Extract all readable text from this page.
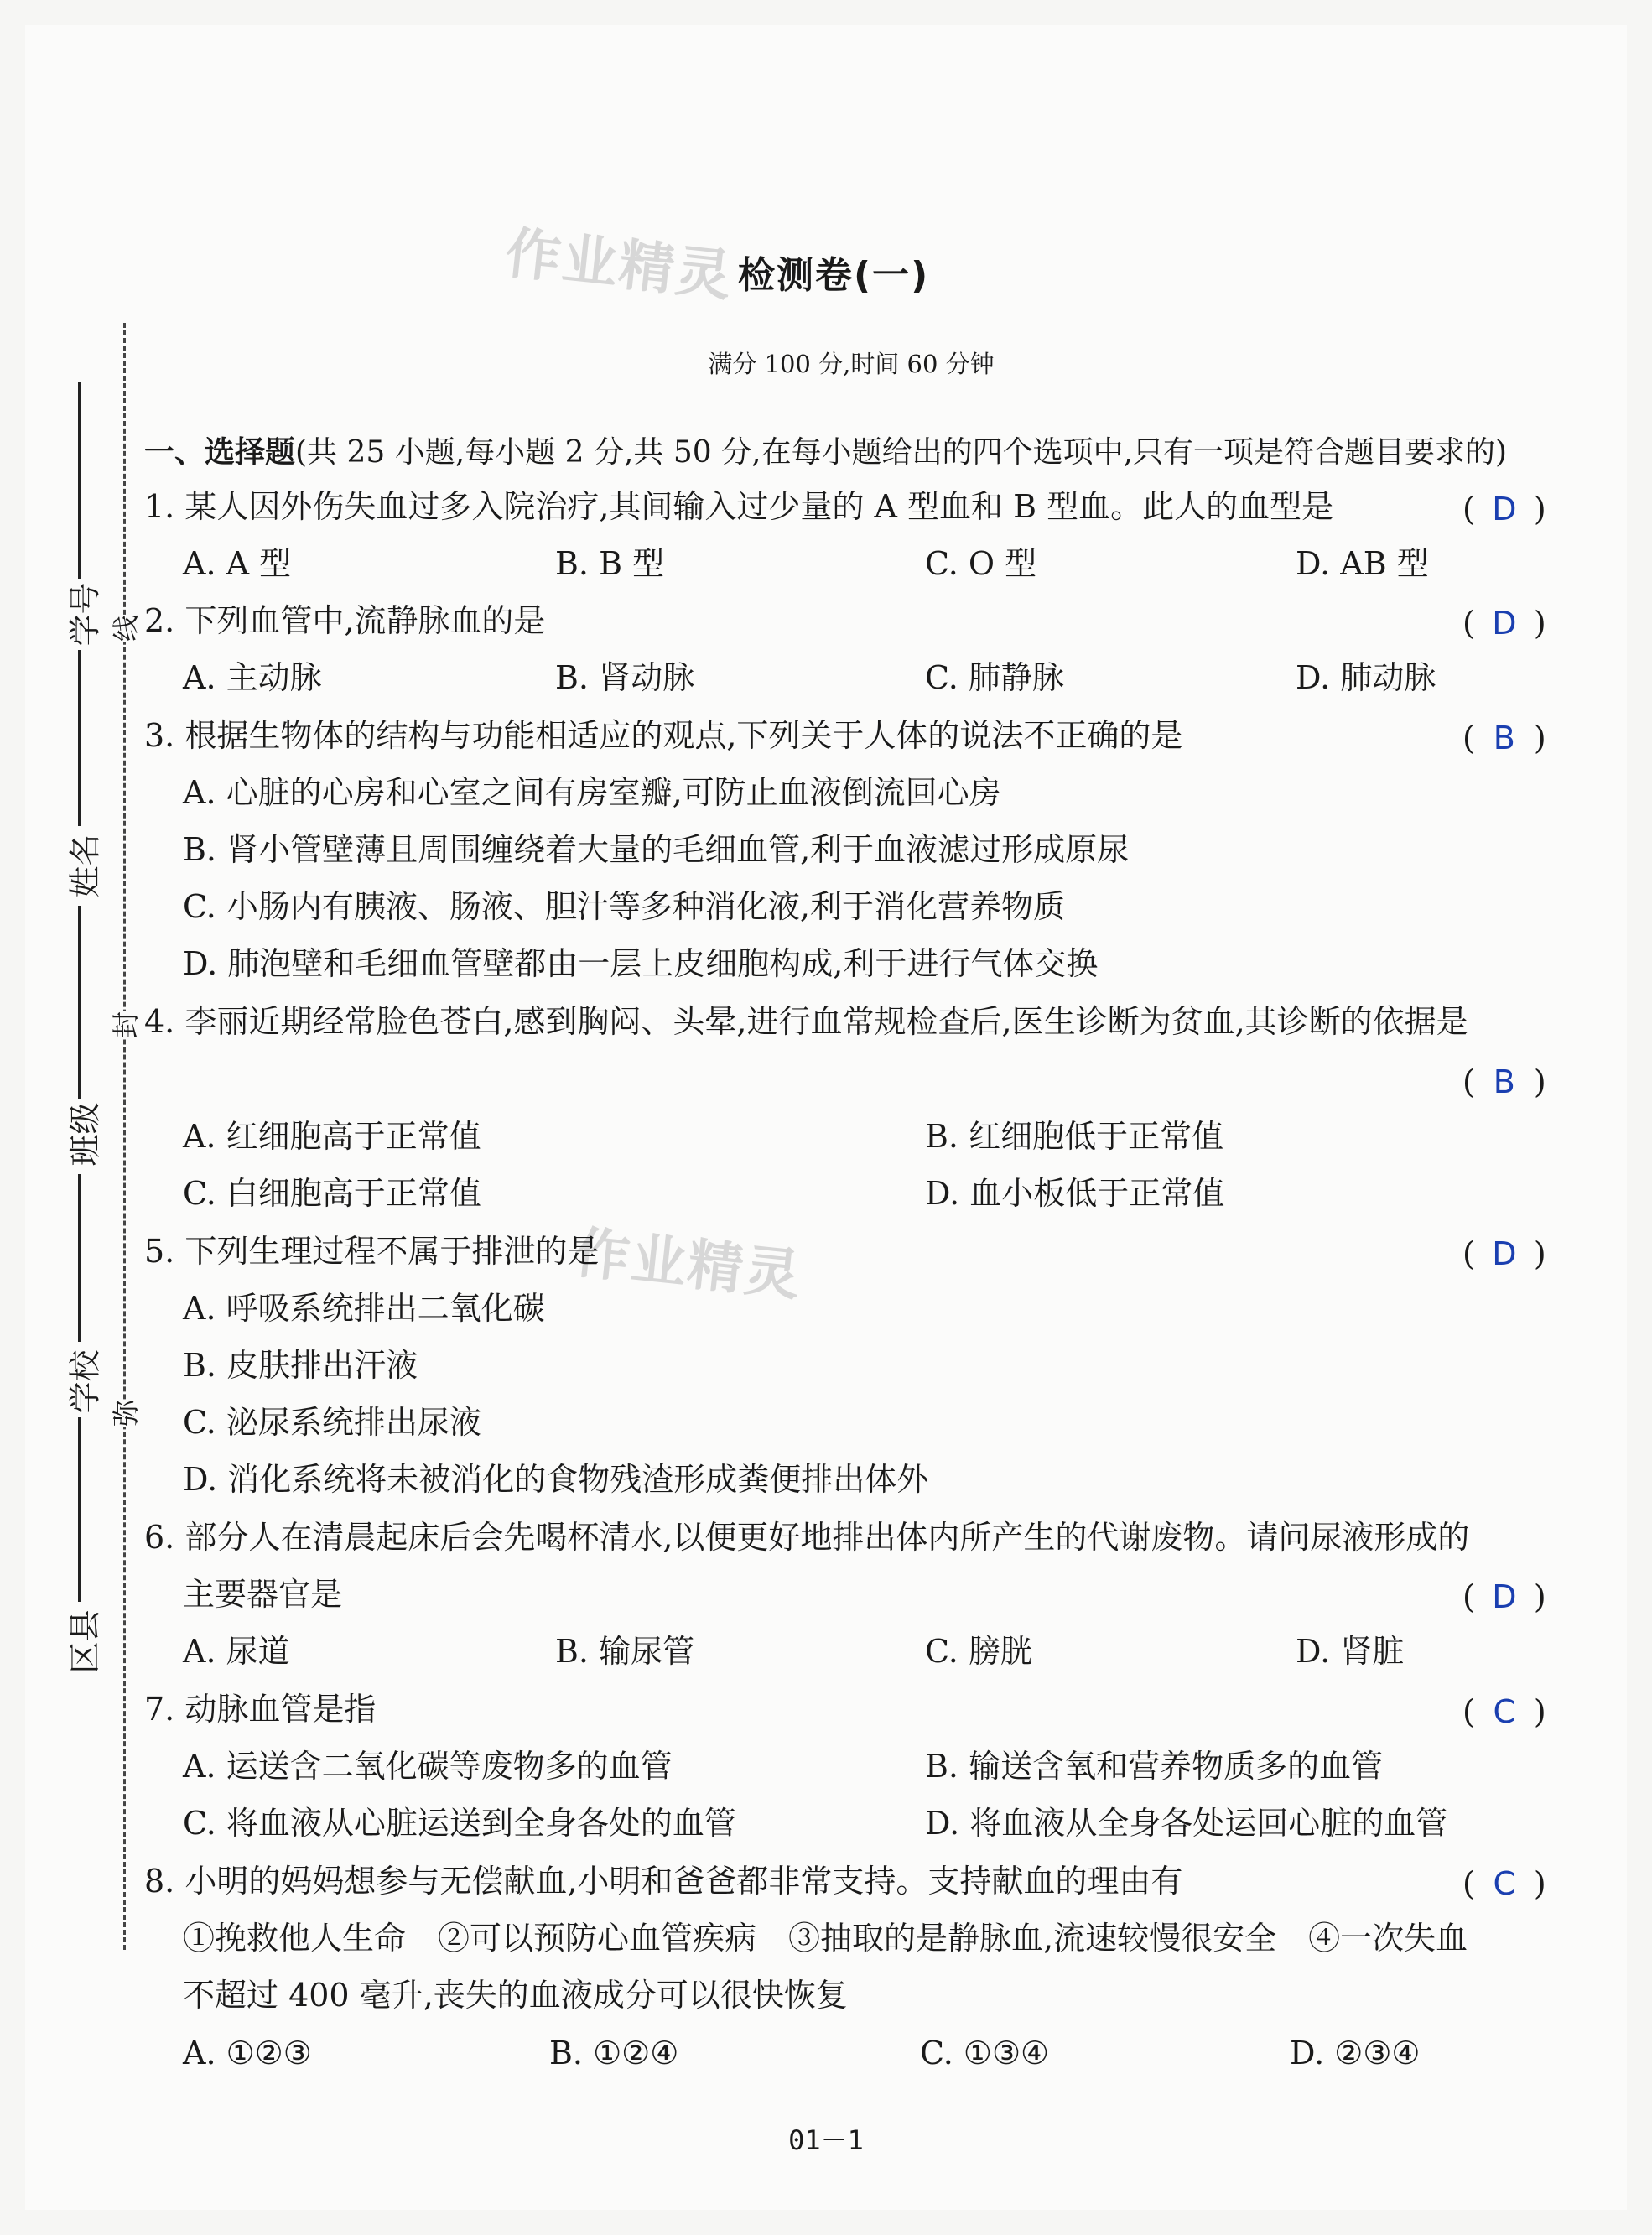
作业精灵
作业精灵
检测卷(一)
满分 100 分,时间 60 分钟
线
封
弥
学号
姓名
班级
学校
区县
一、选择题(共 25 小题,每小题 2 分,共 50 分,在每小题给出的四个选项中,只有一项是符合题目要求的)
1. 某人因外伤失血过多入院治疗,其间输入过少量的 A 型血和 B 型血。此人的血型是	( D )
A. A 型	B. B 型	C. O 型	D. AB 型
2. 下列血管中,流静脉血的是	( D )
A. 主动脉	B. 肾动脉	C. 肺静脉	D. 肺动脉
3. 根据生物体的结构与功能相适应的观点,下列关于人体的说法不正确的是	( B )
A. 心脏的心房和心室之间有房室瓣,可防止血液倒流回心房
B. 肾小管壁薄且周围缠绕着大量的毛细血管,利于血液滤过形成原尿
C. 小肠内有胰液、肠液、胆汁等多种消化液,利于消化营养物质
D. 肺泡壁和毛细血管壁都由一层上皮细胞构成,利于进行气体交换
4. 李丽近期经常脸色苍白,感到胸闷、头晕,进行血常规检查后,医生诊断为贫血,其诊断的依据是
( B )
A. 红细胞高于正常值	B. 红细胞低于正常值
C. 白细胞高于正常值	D. 血小板低于正常值
5. 下列生理过程不属于排泄的是	( D )
A. 呼吸系统排出二氧化碳
B. 皮肤排出汗液
C. 泌尿系统排出尿液
D. 消化系统将未被消化的食物残渣形成粪便排出体外
6. 部分人在清晨起床后会先喝杯清水,以便更好地排出体内所产生的代谢废物。请问尿液形成的
主要器官是	( D )
A. 尿道	B. 输尿管	C. 膀胱	D. 肾脏
7. 动脉血管是指	( C )
A. 运送含二氧化碳等废物多的血管	B. 输送含氧和营养物质多的血管
C. 将血液从心脏运送到全身各处的血管	D. 将血液从全身各处运回心脏的血管
8. 小明的妈妈想参与无偿献血,小明和爸爸都非常支持。支持献血的理由有	( C )
①挽救他人生命　②可以预防心血管疾病　③抽取的是静脉血,流速较慢很安全　④一次失血
不超过 400 毫升,丧失的血液成分可以很快恢复
A. ①②③	B. ①②④	C. ①③④	D. ②③④
01－1
